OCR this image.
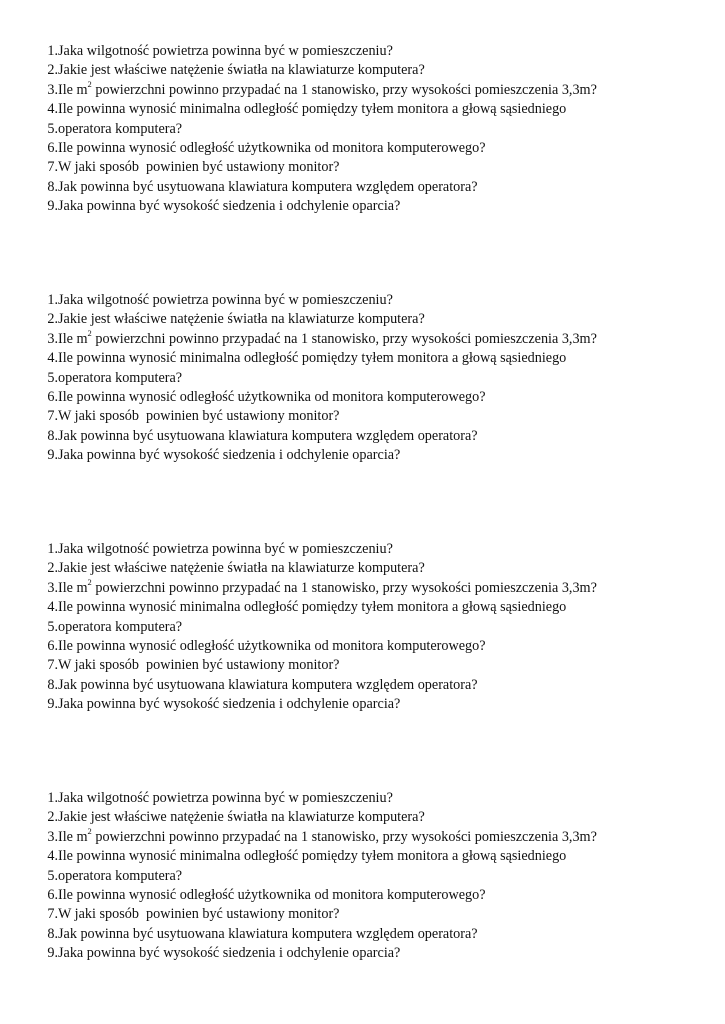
1. Jaka wilgotność powietrza powinna być w pomieszczeniu?
2. Jakie jest właściwe natężenie światła na klawiaturze komputera?
3. Ile $m^2$ powierzchni powinno przypadać na 1 stanowisko, przy wysokości pomieszczenia 3,3m?
4. Ile powinna wynosić minimalna odległość pomiędzy tyłem monitora a głową sąsiedniego
5. operatora komputera?
6. Ile powinna wynosić odległość użytkownika od monitora komputerowego?
7. W jaki sposób  powinien być ustawiony monitor?
8. Jak powinna być usytuowana klawiatura komputera względem operatora?
9. Jaka powinna być wysokość siedzenia i odchylenie oparcia?
1. Jaka wilgotność powietrza powinna być w pomieszczeniu?
2. Jakie jest właściwe natężenie światła na klawiaturze komputera?
3. Ile $m^2$ powierzchni powinno przypadać na 1 stanowisko, przy wysokości pomieszczenia 3,3m?
4. Ile powinna wynosić minimalna odległość pomiędzy tyłem monitora a głową sąsiedniego
5. operatora komputera?
6. Ile powinna wynosić odległość użytkownika od monitora komputerowego?
7. W jaki sposób  powinien być ustawiony monitor?
8. Jak powinna być usytuowana klawiatura komputera względem operatora?
9. Jaka powinna być wysokość siedzenia i odchylenie oparcia?
1. Jaka wilgotność powietrza powinna być w pomieszczeniu?
2. Jakie jest właściwe natężenie światła na klawiaturze komputera?
3. Ile $m^2$ powierzchni powinno przypadać na 1 stanowisko, przy wysokości pomieszczenia 3,3m?
4. Ile powinna wynosić minimalna odległość pomiędzy tyłem monitora a głową sąsiedniego
5. operatora komputera?
6. Ile powinna wynosić odległość użytkownika od monitora komputerowego?
7. W jaki sposób  powinien być ustawiony monitor?
8. Jak powinna być usytuowana klawiatura komputera względem operatora?
9. Jaka powinna być wysokość siedzenia i odchylenie oparcia?
1. Jaka wilgotność powietrza powinna być w pomieszczeniu?
2. Jakie jest właściwe natężenie światła na klawiaturze komputera?
3. Ile $m^2$ powierzchni powinno przypadać na 1 stanowisko, przy wysokości pomieszczenia 3,3m?
4. Ile powinna wynosić minimalna odległość pomiędzy tyłem monitora a głową sąsiedniego
5. operatora komputera?
6. Ile powinna wynosić odległość użytkownika od monitora komputerowego?
7. W jaki sposób  powinien być ustawiony monitor?
8. Jak powinna być usytuowana klawiatura komputera względem operatora?
9. Jaka powinna być wysokość siedzenia i odchylenie oparcia?
